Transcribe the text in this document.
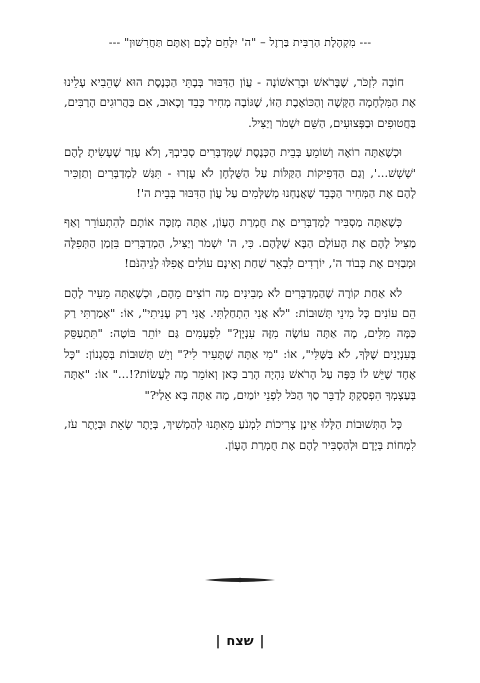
--- מִקְהֶלֶת הַרְבִּית בַּרְזֶל – "ה' יִלָּחֵם לָכֶם וְאַתֶּם תַּחֲרִשׁוּן" ---

חוֹבָה לִזְכֹּר, שֶׁבָּרֹאשׁ וּבָרִאשׁוֹנָה - עֲוֹן הַדִּבּוּר בְּבָתֵּי הַכְּנֶסֶת הוּא שֶׁהֵבִיא עָלֵינוּ אֶת הַמִּלְחָמָה הַקָּשָׁה וְהַכּוֹאֶבֶת הַזּוֹ, שֶׁגּוֹבָה מְחִיר כָּבֵד וְכָאוּב, אִם בַּהֲרוּגִים הָרַבִּים, בַּחֲטוּפִים וּבַפְּצוּעִים, הַשֵּׁם יִשְׁמֹר וְיַצִּיל.

וּכְשֶׁאַתָּה רוֹאֶה וְשׁוֹמֵעַ בְּבֵית הַכְּנֶסֶת שֶׁמְּדַבְּרִים סְבִיבְךָ, וְלֹא עָזַר שֶׁעָשִׂיתָ לָהֶם 'שְׁשְׁשׁ...', וְגַם הַדְּפִיקוֹת הַקַּלּוֹת עַל הַשֻּׁלְחָן לֹא עָזְרוּ - תִּגַּשׁ לַמְדַבְּרִים וְתַזְכִּיר לָהֶם אֶת הַמְּחִיר הַכָּבֵד שֶׁאֲנַחְנוּ מְשַׁלְּמִים עַל עֲוֹן הַדִּבּוּר בְּבֵית ה'!

כְּשֶׁאַתָּה מַסְבִּיר לַמְדַבְּרִים אֶת חֻמְרַת הֶעָוֹן, אַתָּה מְזַכֶּה אוֹתָם לְהִתְעוֹרֵר וְאַף מַצִּיל לָהֶם אֶת הָעוֹלָם הַבָּא שֶׁלָּהֶם. כִּי, ה' יִשְׁמֹר וְיַצִּיל, הַמְדַבְּרִים בִּזְמַן הַתְּפִלָּה וּמְבַזִּים אֶת כְּבוֹד ה', יוֹרְדִים לִבְאֵר שַׁחַת וְאֵינָם עוֹלִים אֲפִלּוּ לְגֵיהִנֹּם!

לֹא אַחַת קוֹרֶה שֶׁהַמְדַבְּרִים לֹא מְבִינִים מָה רוֹצִים מֵהֶם, וּכְשֶׁאַתָּה מֵעִיר לָהֶם הֵם עוֹנִים כָּל מִינֵי תְּשׁוּבוֹת: "לֹא אֲנִי הִתְחַלְתִּי. אֲנִי רַק עָנִיתִי", אוֹ: "אָמַרְתִּי רַק כַּמָּה מִלִּים, מָה אַתָּה עוֹשֶׂה מִזֶּה עִנְיָן?" לִפְעָמִים גַּם יוֹתֵר בּוֹטֶה: "תִּתְעַסֵּק בָּעִנְיָנִים שֶׁלְּךָ, לֹא בַּשֶּׁלִּי", אוֹ: "מִי אַתָּה שֶׁתָּעִיר לִי?" וְיֵשׁ תְּשׁוּבוֹת בְּסִגְנוֹן: "כָּל אֶחָד שֶׁיֵּשׁ לוֹ כִּפָּה עַל הָרֹאשׁ נִהְיָה הָרַב כָּאן וְאוֹמֵר מָה לַעֲשׂוֹת?!..." אוֹ: "אַתָּה בְּעַצְמְךָ הִפְסַקְתָּ לְדַבֵּר סַךְ הַכֹּל לִפְנֵי יוֹמַיִם, מָה אַתָּה בָּא אֵלַי?"

כָּל הַתְּשׁוּבוֹת הַלָּלוּ אֵינָן צְרִיכוֹת לִמְנֹעַ מֵאִתָּנוּ לְהַמְשִׁיךְ, בְּיֶתֶר שְׂאֵת וּבְיֶתֶר עֹז, לִמְחוֹת בְּיָדָם וּלְהַסְבִּיר לָהֶם אֶת חֻמְרַת הֶעָוֹן.

|שצח|
